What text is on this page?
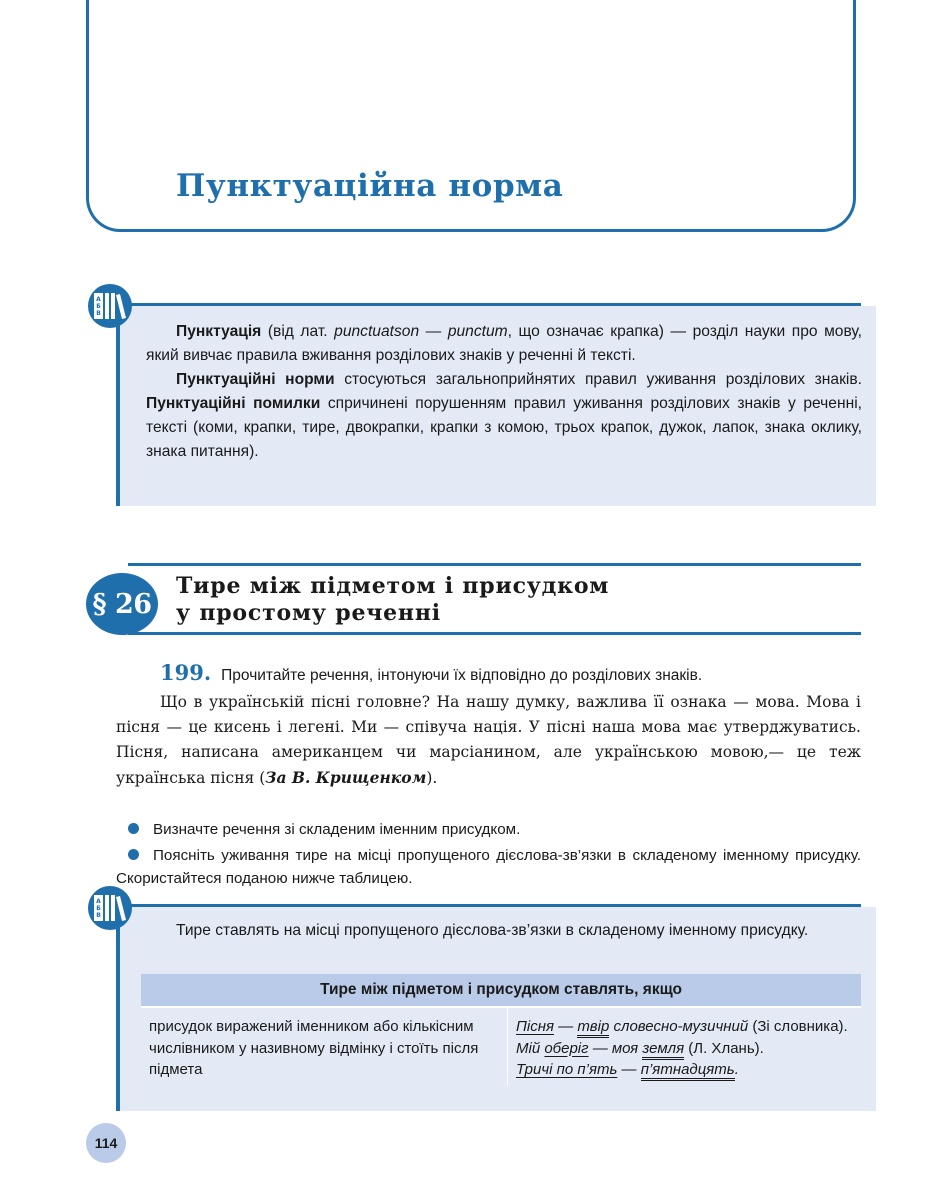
Пунктуаційна норма

Пунктуація (від лат. punctuatson — punctum, що означає крапка) — розділ науки про мову, який вивчає правила вживання розділових знаків у реченні й тексті.

Пунктуаційні норми стосуються загальноприйнятих правил уживання розділових знаків. Пунктуаційні помилки спричинені порушенням правил уживання розділових знаків у реченні, тексті (коми, крапки, тире, двокрапки, крапки з комою, трьох крапок, дужок, лапок, знака оклику, знака питання).

А
Б
В
§ 26
Тире між підметом і присудком
у простому реченні
199. Прочитайте речення, інтонуючи їх відповідно до розділових знаків.

Що в українській пісні головне? На нашу думку, важлива її ознака — мова. Мова і пісня — це кисень і легені. Ми — співуча нація. У пісні наша мова має утверджуватись. Пісня, написана американцем чи марсіанином, але українською мовою,— це теж українська пісня (За В. Крищенком).

Визначте речення зі складеним іменним присудком.
Поясніть уживання тире на місці пропущеного дієслова-зв’язки в складеному іменному присудку. Скористайтеся поданою нижче таблицею.

Тире ставлять на місці пропущеного дієслова-зв’язки в складеному іменному присудку.

А
Б
В
Тире між підметом і присудком ставлять, якщо
присудок виражений іменником або кількісним числівником у називному відмінку і стоїть після підмета	
Пісня — твір словесно-музичний (Зі словника).
Мій оберіг — моя земля (Л. Хлань).
Тричі по п’ять — п’ятнадцять.
114
